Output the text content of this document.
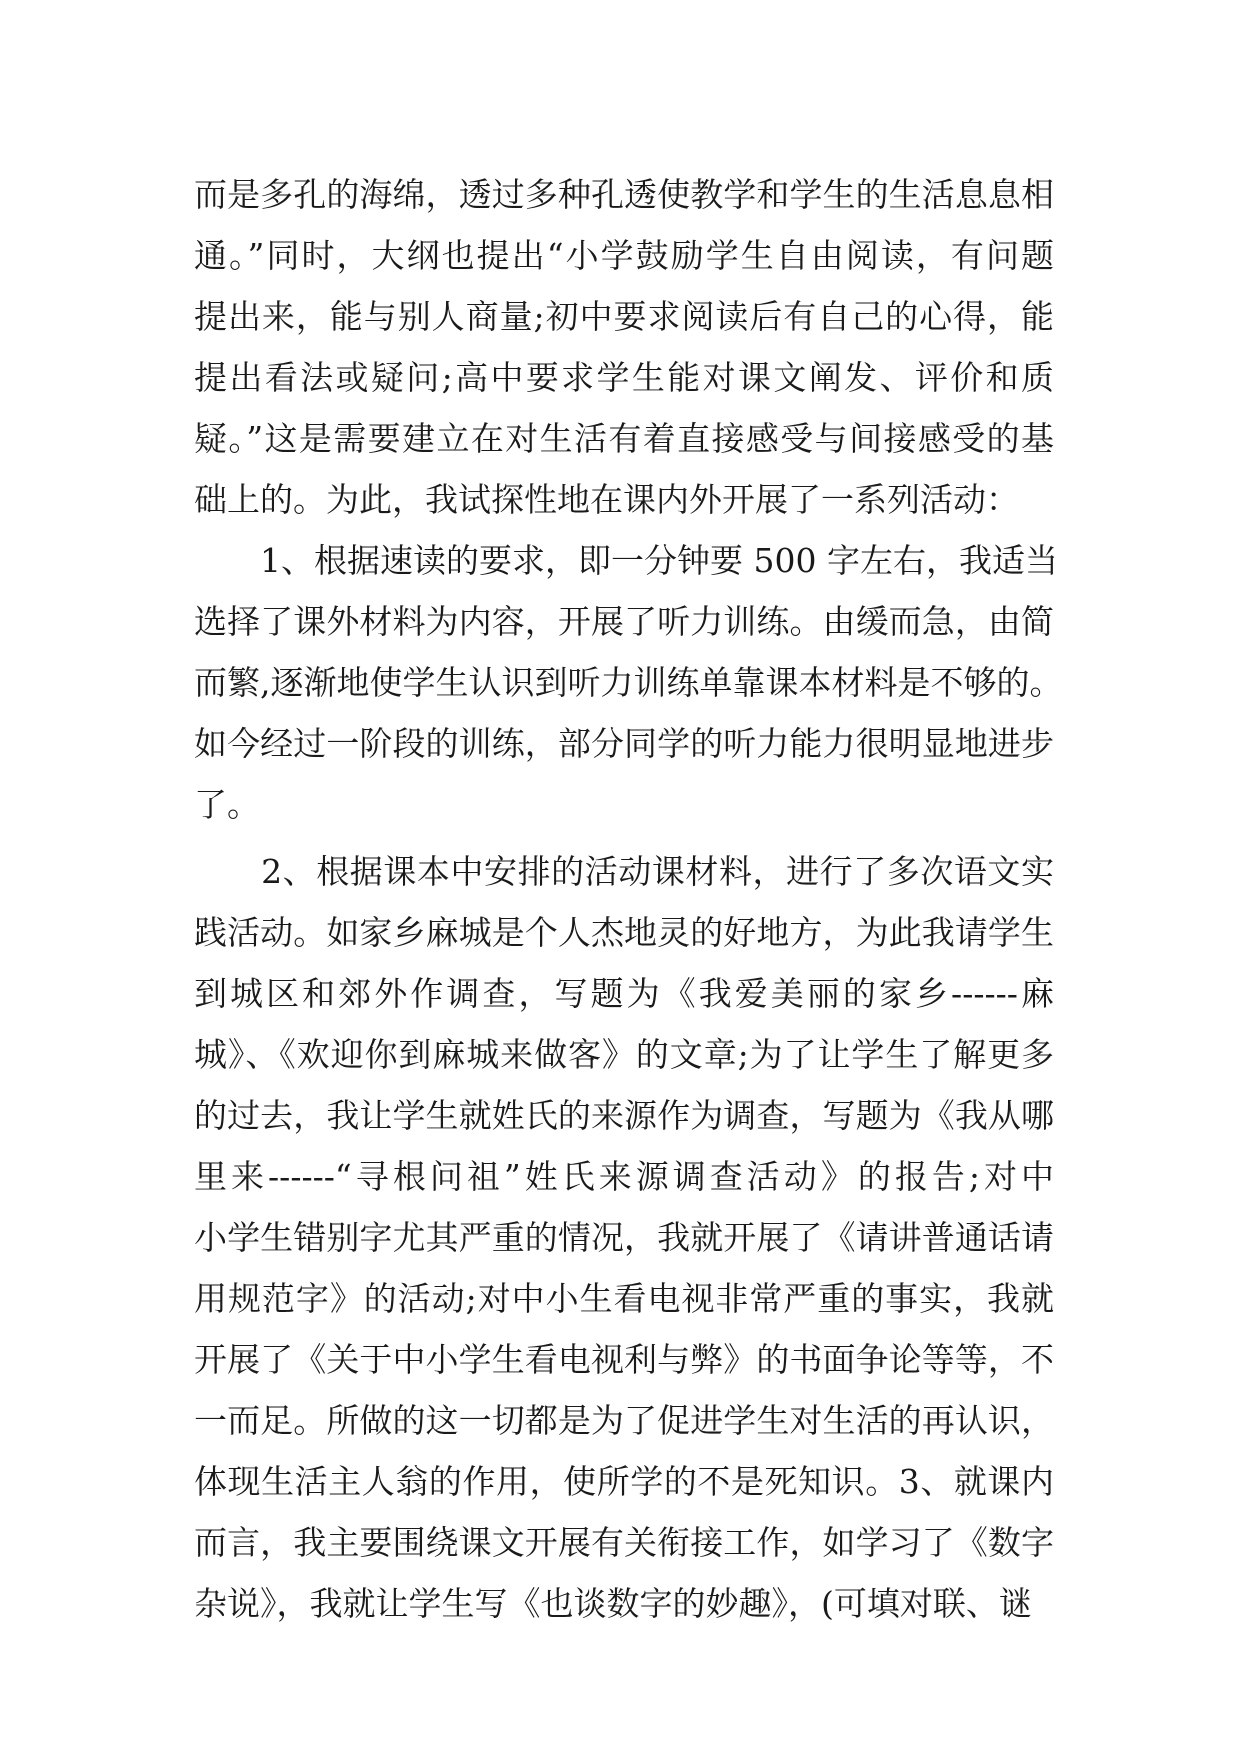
而是多孔的海绵，透过多种孔透使教学和学生的生活息息相
通。”同时，大纲也提出“小学鼓励学生自由阅读，有问题
提出来，能与别人商量;初中要求阅读后有自己的心得，能
提出看法或疑问;高中要求学生能对课文阐发、评价和质
疑。”这是需要建立在对生活有着直接感受与间接感受的基
础上的。为此，我试探性地在课内外开展了一系列活动：
　　1、根据速读的要求，即一分钟要 500 字左右，我适当
选择了课外材料为内容，开展了听力训练。由缓而急，由简
而繁,逐渐地使学生认识到听力训练单靠课本材料是不够的。
如今经过一阶段的训练，部分同学的听力能力很明显地进步
了。
　　2、根据课本中安排的活动课材料，进行了多次语文实
践活动。如家乡麻城是个人杰地灵的好地方，为此我请学生
到城区和郊外作调查，写题为《我爱美丽的家乡------麻
城》、《欢迎你到麻城来做客》的文章;为了让学生了解更多
的过去，我让学生就姓氏的来源作为调查，写题为《我从哪
里来------“寻根问祖”姓氏来源调查活动》的报告;对中
小学生错别字尤其严重的情况，我就开展了《请讲普通话请
用规范字》的活动;对中小生看电视非常严重的事实，我就
开展了《关于中小学生看电视利与弊》的书面争论等等，不
一而足。所做的这一切都是为了促进学生对生活的再认识，
体现生活主人翁的作用，使所学的不是死知识。3、就课内
而言，我主要围绕课文开展有关衔接工作，如学习了《数字
杂说》，我就让学生写《也谈数字的妙趣》，(可填对联、谜
